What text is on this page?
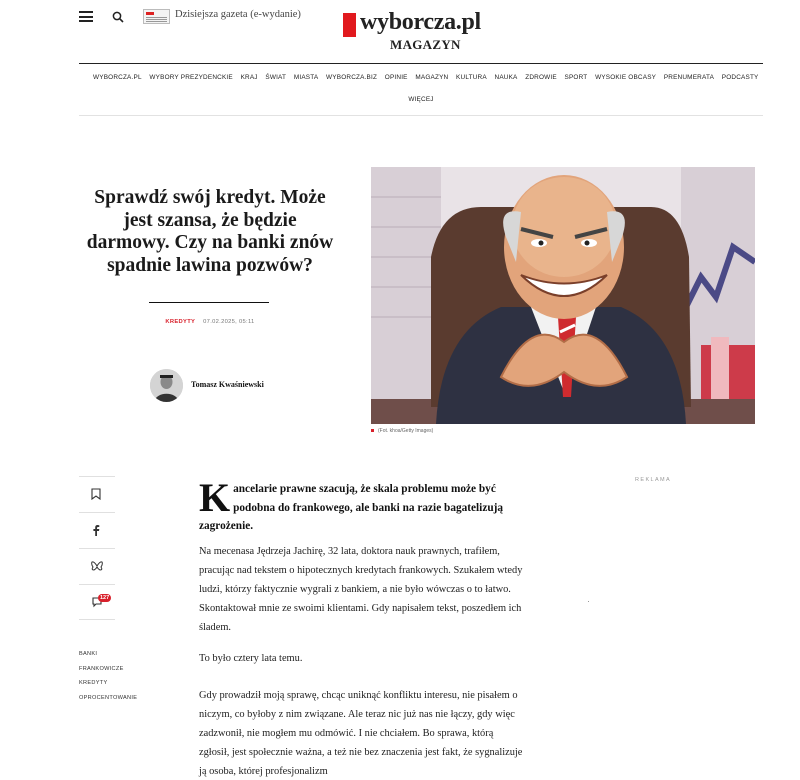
Dzisiejsza gazeta (e-wydanie) wyborcza.pl
MAGAZYN
WYBORCZA.PL WYBORY PREZYDENCKIE KRAJ ŚWIAT MIASTA WYBORCZA.BIZ OPINIE MAGAZYN KULTURA NAUKA ZDROWIE SPORT WYSOKIE OBCASY PRENUMERATA PODCASTY
WIĘCEJ
Sprawdź swój kredyt. Może jest szansa, że będzie darmowy. Czy na banki znów spadnie lawina pozwów?
KREDYTY 07.02.2025, 05:11
Tomasz Kwaśniewski
(Fot. khoa/Getty Images)
127
BANKI
FRANKOWICZE
KREDYTY
OPROCENTOWANIE
Kancelarie prawne szacują, że skala problemu może być podobna do frankowego, ale banki na razie bagatelizują zagrożenie.

Na mecenasa Jędrzeja Jachirę, 32 lata, doktora nauk prawnych, trafiłem, pracując nad tekstem o hipotecznych kredytach frankowych. Szukałem wtedy ludzi, którzy faktycznie wygrali z bankiem, a nie było wówczas o to łatwo. Skontaktował mnie ze swoimi klientami. Gdy napisałem tekst, poszedłem ich śladem.

To było cztery lata temu.

Gdy prowadził moją sprawę, chcąc uniknąć konfliktu interesu, nie pisałem o niczym, co byłoby z nim związane. Ale teraz nic już nas nie łączy, gdy więc zadzwonił, nie mogłem mu odmówić. I nie chciałem. Bo sprawa, którą zgłosił, jest społecznie ważna, a też nie bez znaczenia jest fakt, że sygnalizuje ją osoba, której profesjonalizm

REKLAMA
